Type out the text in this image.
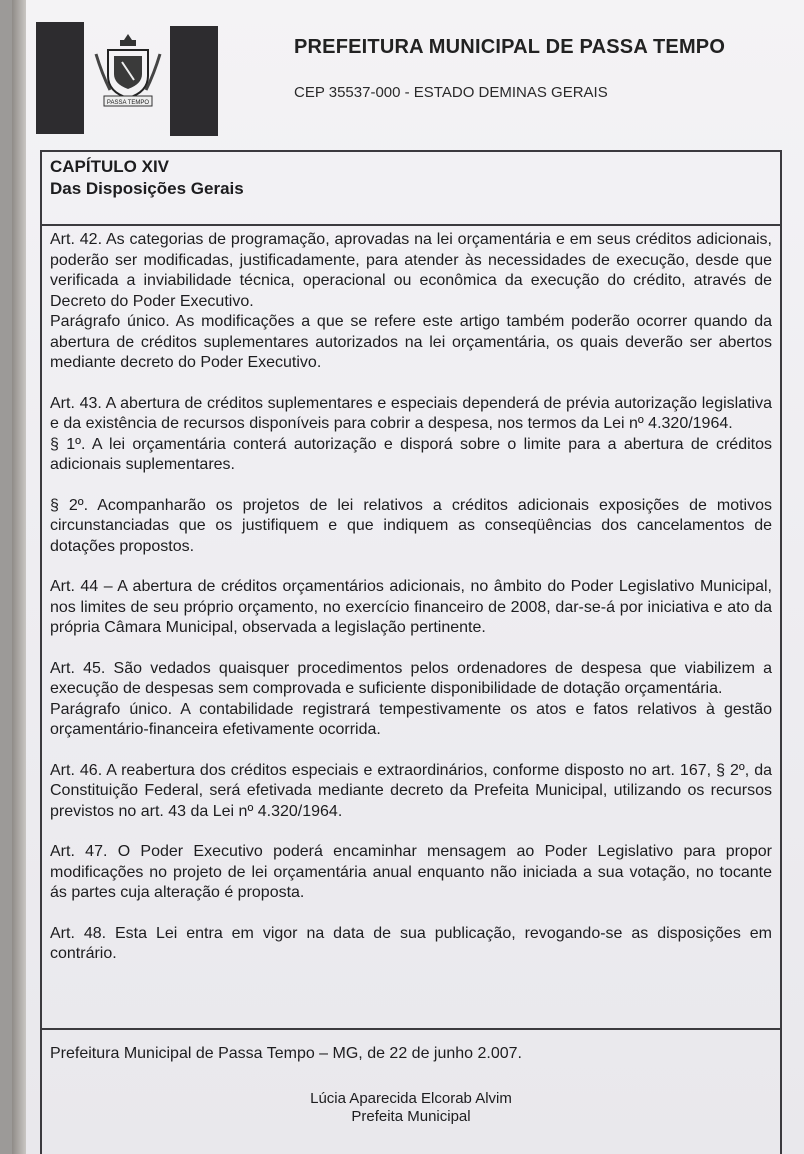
PASSA TEMPO
PREFEITURA MUNICIPAL DE PASSA TEMPO
CEP 35537-000 - ESTADO DEMINAS GERAIS
CAPÍTULO XIV
Das Disposições Gerais

Art. 42. As categorias de programação, aprovadas na lei orçamentária e em seus créditos adicionais, poderão ser modificadas, justificadamente, para atender às necessidades de execução, desde que verificada a inviabilidade técnica, operacional ou econômica da execução do crédito, através de Decreto do Poder Executivo.

Parágrafo único. As modificações a que se refere este artigo também poderão ocorrer quando da abertura de créditos suplementares autorizados na lei orçamentária, os quais deverão ser abertos mediante decreto do Poder Executivo.

Art. 43. A abertura de créditos suplementares e especiais dependerá de prévia autorização legislativa e da existência de recursos disponíveis para cobrir a despesa, nos termos da Lei nº 4.320/1964.

§ 1º. A lei orçamentária conterá autorização e disporá sobre o limite para a abertura de créditos adicionais suplementares.

§ 2º. Acompanharão os projetos de lei relativos a créditos adicionais exposições de motivos circunstanciadas que os justifiquem e que indiquem as conseqüências dos cancelamentos de dotações propostos.

Art. 44 – A abertura de créditos orçamentários adicionais, no âmbito do Poder Legislativo Municipal, nos limites de seu próprio orçamento, no exercício financeiro de 2008, dar-se-á por iniciativa e ato da própria Câmara Municipal, observada a legislação pertinente.

Art. 45. São vedados quaisquer procedimentos pelos ordenadores de despesa que viabilizem a execução de despesas sem comprovada e suficiente disponibilidade de dotação orçamentária.

Parágrafo único. A contabilidade registrará tempestivamente os atos e fatos relativos à gestão orçamentário-financeira efetivamente ocorrida.

Art. 46. A reabertura dos créditos especiais e extraordinários, conforme disposto no art. 167, § 2º, da Constituição Federal, será efetivada mediante decreto da Prefeita Municipal, utilizando os recursos previstos no art. 43 da Lei nº 4.320/1964.

Art. 47. O Poder Executivo poderá encaminhar mensagem ao Poder Legislativo para propor modificações no projeto de lei orçamentária anual enquanto não iniciada a sua votação, no tocante ás partes cuja alteração é proposta.

Art. 48. Esta Lei entra em vigor na data de sua publicação, revogando-se as disposições em contrário.

Prefeitura Municipal de Passa Tempo – MG, de 22 de junho 2.007.
Lúcia Aparecida Elcorab Alvim
Prefeita Municipal
